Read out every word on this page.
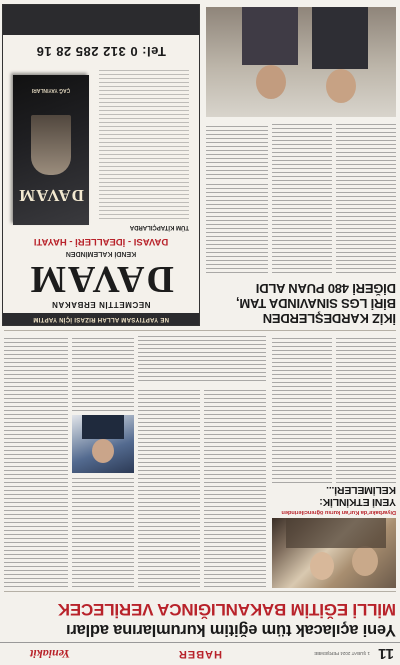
11
1 ŞUBAT 2024 PERŞEMBE
HABER
Yeniakit
Yeni açılacak tüm eğitim kurumlarına adları
MİLLİ EĞİTİM BAKANLIĞINCA VERİLECEK
Diyarbakır'da Kur'an kursu öğrencilerinden
YENİ ETKİNLİK: KELİMELERİ...
İKİZ KARDEŞLERDEN
BİRİ LGS SINAVINDA TAM,
DİĞERİ 480 PUAN ALDI
NE YAPTIYSAM ALLAH RIZASI İÇİN YAPTIM
NECMETTİN ERBAKAN
DAVAM
KENDİ KALEMİNDEN
DAVASI - İDEALLERİ - HAYATI
TÜM KİTAPÇILARDA
DAVAM
ÇAĞ YAYINLARI
Tel: 0 312 285 28 16
